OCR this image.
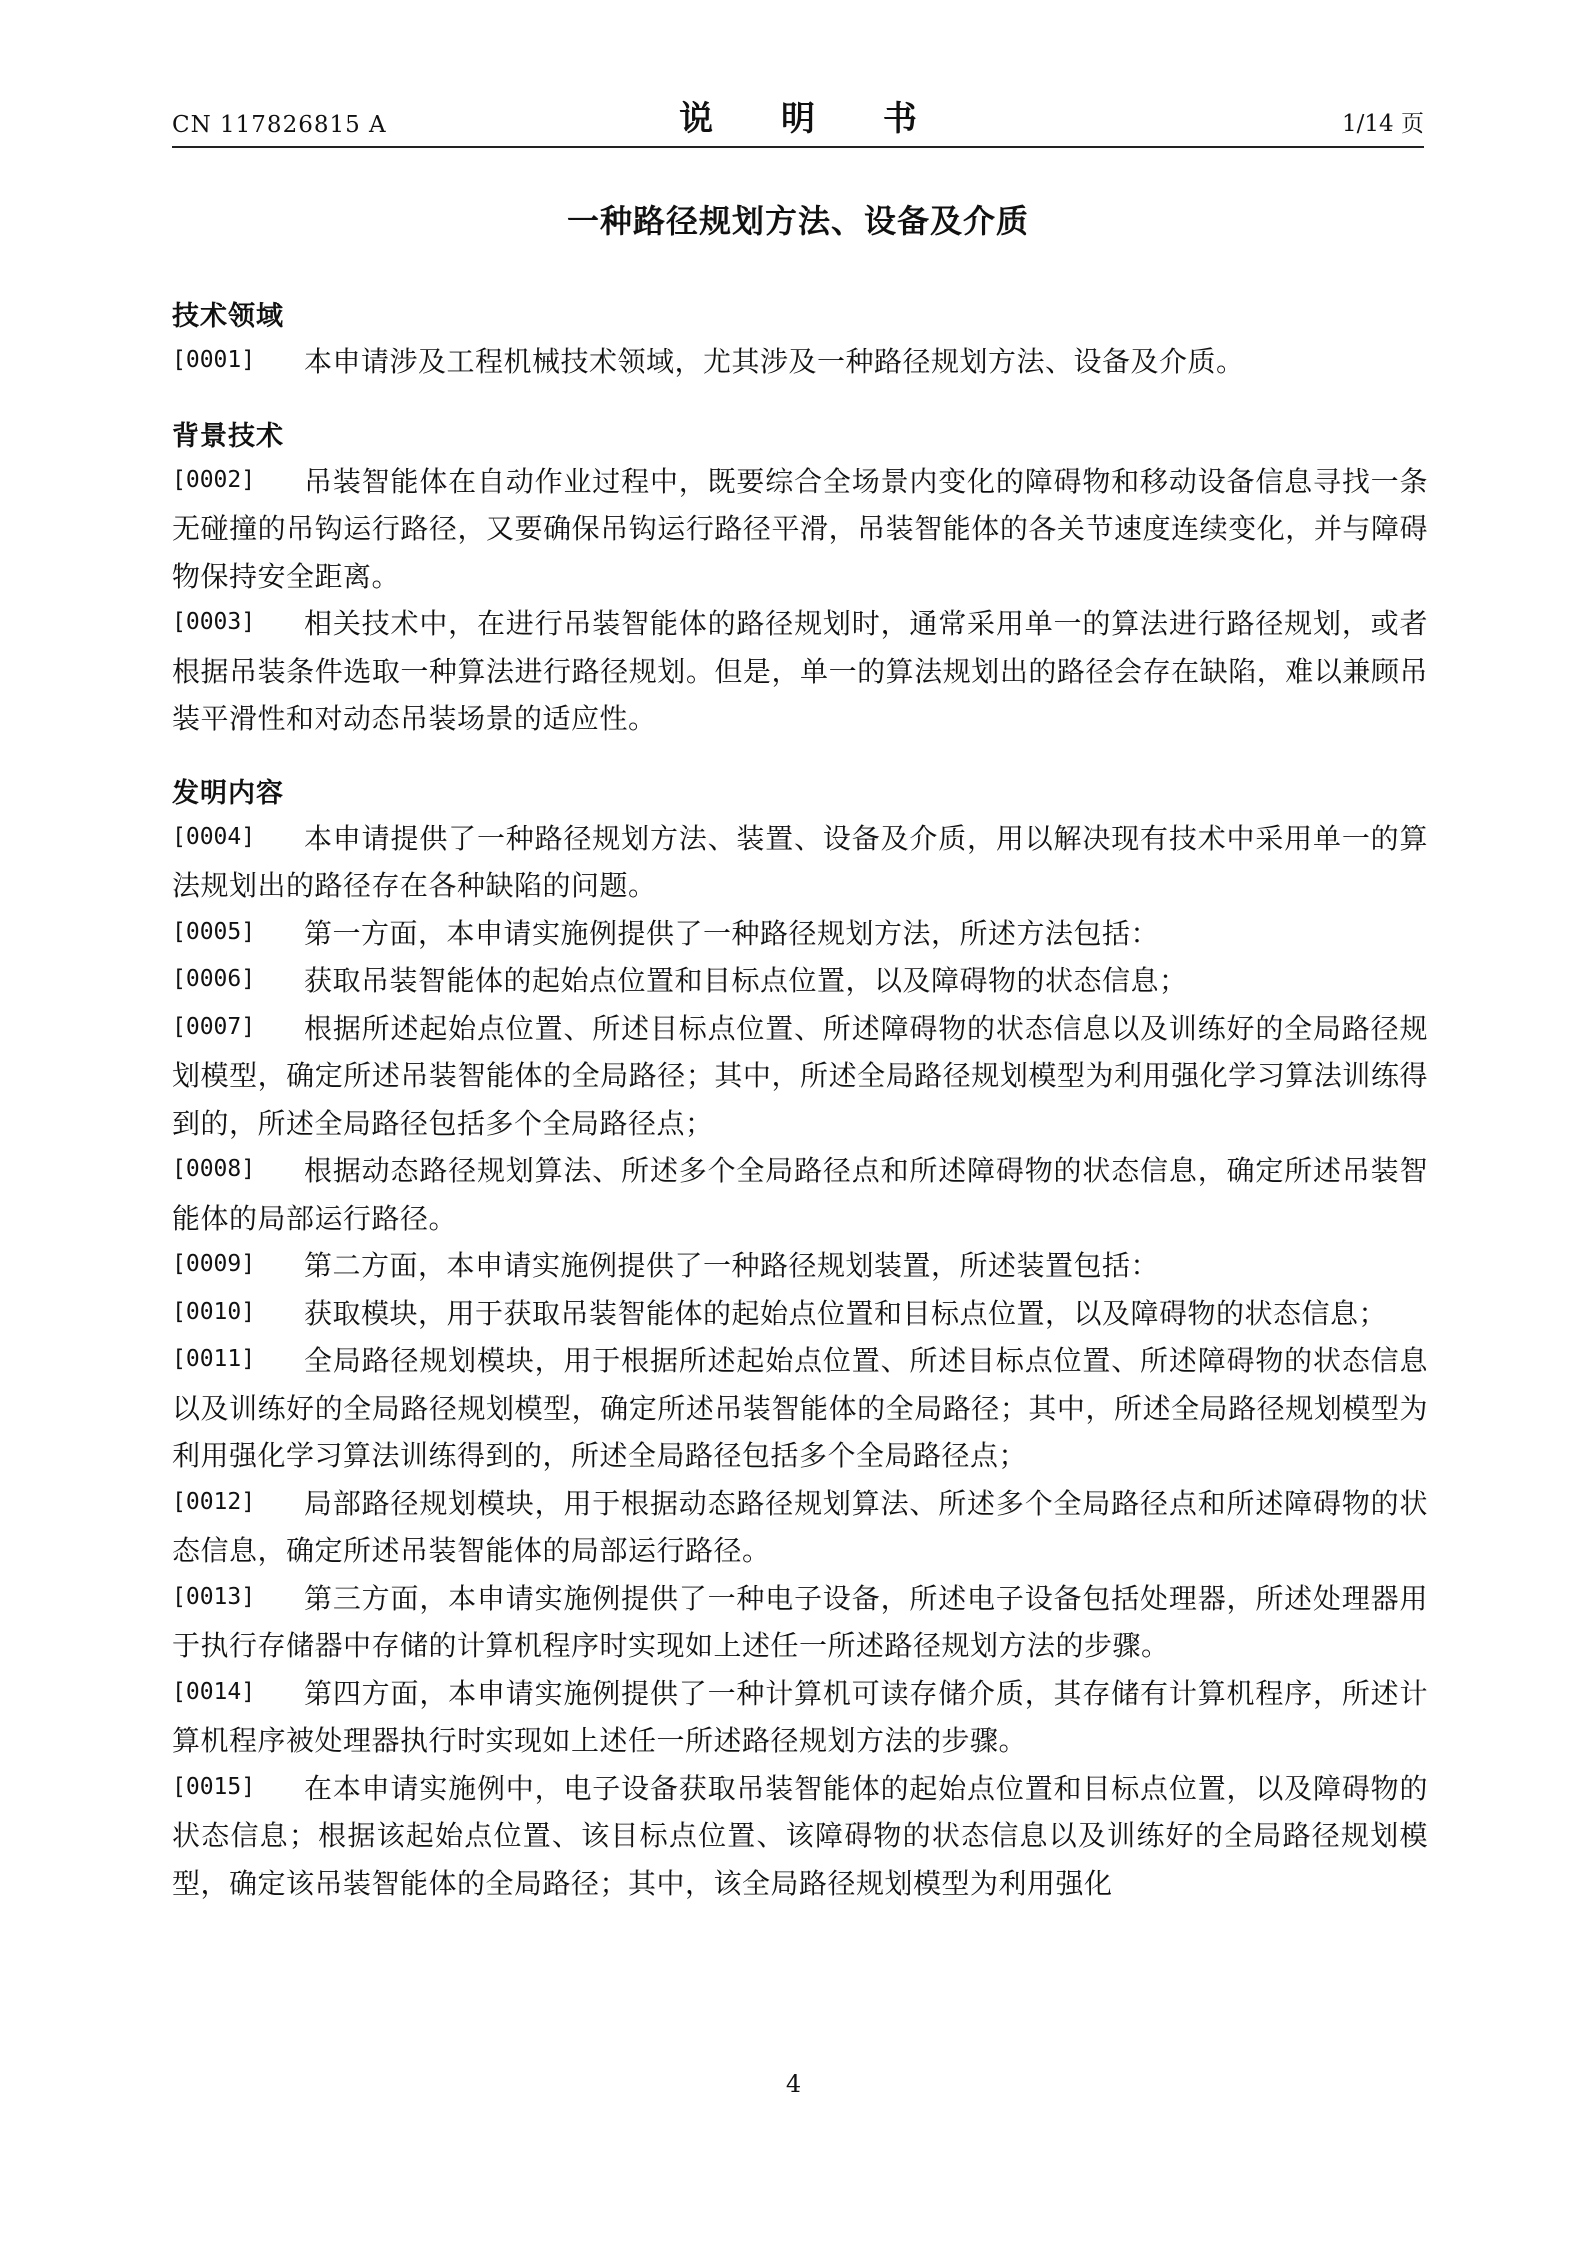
CN 117826815 A	说 明 书	1/14 页
一种路径规划方法、设备及介质
技术领域
[0001] 本申请涉及工程机械技术领域，尤其涉及一种路径规划方法、设备及介质。
背景技术
[0002] 吊装智能体在自动作业过程中，既要综合全场景内变化的障碍物和移动设备信息寻找一条无碰撞的吊钩运行路径，又要确保吊钩运行路径平滑，吊装智能体的各关节速度连续变化，并与障碍物保持安全距离。
[0003] 相关技术中，在进行吊装智能体的路径规划时，通常采用单一的算法进行路径规划，或者根据吊装条件选取一种算法进行路径规划。但是，单一的算法规划出的路径会存在缺陷，难以兼顾吊装平滑性和对动态吊装场景的适应性。
发明内容
[0004] 本申请提供了一种路径规划方法、装置、设备及介质，用以解决现有技术中采用单一的算法规划出的路径存在各种缺陷的问题。
[0005] 第一方面，本申请实施例提供了一种路径规划方法，所述方法包括：
[0006] 获取吊装智能体的起始点位置和目标点位置，以及障碍物的状态信息；
[0007] 根据所述起始点位置、所述目标点位置、所述障碍物的状态信息以及训练好的全局路径规划模型，确定所述吊装智能体的全局路径；其中，所述全局路径规划模型为利用强化学习算法训练得到的，所述全局路径包括多个全局路径点；
[0008] 根据动态路径规划算法、所述多个全局路径点和所述障碍物的状态信息，确定所述吊装智能体的局部运行路径。
[0009] 第二方面，本申请实施例提供了一种路径规划装置，所述装置包括：
[0010] 获取模块，用于获取吊装智能体的起始点位置和目标点位置，以及障碍物的状态信息；
[0011] 全局路径规划模块，用于根据所述起始点位置、所述目标点位置、所述障碍物的状态信息以及训练好的全局路径规划模型，确定所述吊装智能体的全局路径；其中，所述全局路径规划模型为利用强化学习算法训练得到的，所述全局路径包括多个全局路径点；
[0012] 局部路径规划模块，用于根据动态路径规划算法、所述多个全局路径点和所述障碍物的状态信息，确定所述吊装智能体的局部运行路径。
[0013] 第三方面，本申请实施例提供了一种电子设备，所述电子设备包括处理器，所述处理器用于执行存储器中存储的计算机程序时实现如上述任一所述路径规划方法的步骤。
[0014] 第四方面，本申请实施例提供了一种计算机可读存储介质，其存储有计算机程序，所述计算机程序被处理器执行时实现如上述任一所述路径规划方法的步骤。
[0015] 在本申请实施例中，电子设备获取吊装智能体的起始点位置和目标点位置，以及障碍物的状态信息；根据该起始点位置、该目标点位置、该障碍物的状态信息以及训练好的全局路径规划模型，确定该吊装智能体的全局路径；其中，该全局路径规划模型为利用强化
4
